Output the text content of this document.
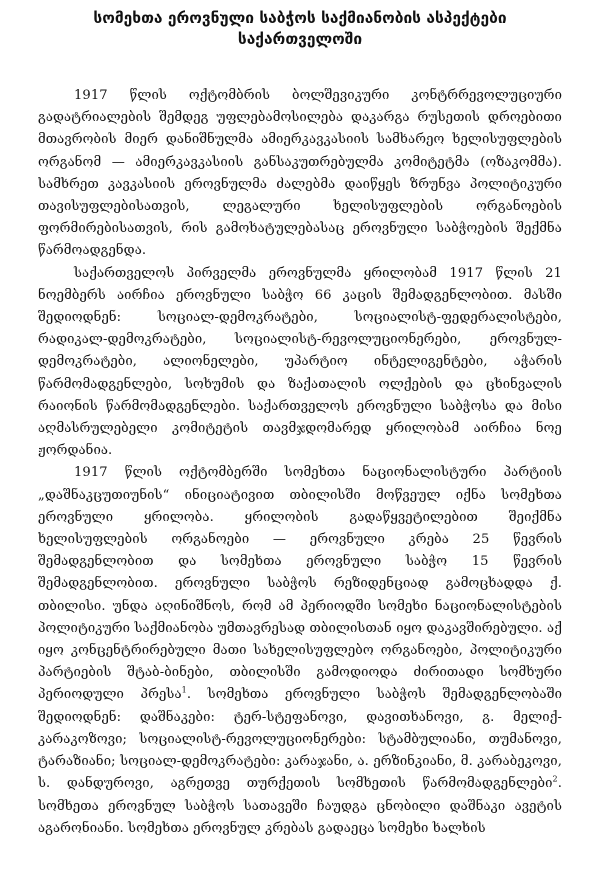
სომეხთა ეროვნული საბჭოს საქმიანობის ასპექტები
საქართველოში

1917 წლის ოქტომბრის ბოლშევიკური კონტრრევოლუციური გადატრიალების შემდეგ უფლებამოსილება დაკარგა რუსეთის დროებითი მთავრობის მიერ დანიშნულმა ამიერკავკასიის სამხარეო ხელისუფლების ორგანომ — ამიერკავკასიის განსაკუთრებულმა კომიტეტმა (ოზაკომმა). სამხრეთ კავკასიის ეროვნულმა ძალებმა დაიწყეს ზრუნვა პოლიტიკური თავისუფლებისათვის, ლეგალური ხელისუფლების ორგანოების ფორმირებისათვის, რის გამოხატულებასაც ეროვნული საბჭოების შექმნა წარმოადგენდა.

საქართველოს პირველმა ეროვნულმა ყრილობამ 1917 წლის 21 ნოემბერს აირჩია ეროვნული საბჭო 66 კაცის შემადგენლობით. მასში შედიოდნენ: სოციალ-დემოკრატები, სოციალისტ-ფედერალისტები, რადიკალ-დემოკრატები, სოციალისტ-რევოლუციონერები, ეროვნულ-დემოკრატები, ალიონელები, უპარტიო ინტელიგენტები, აჭარის წარმომადგენლები, სოხუმის და ზაქათალის ოლქების და ცხინვალის რაიონის წარმომადგენლები. საქართველოს ეროვნული საბჭოსა და მისი აღმასრულებელი კომიტეტის თავმჯდომარედ ყრილობამ აირჩია ნოე ჟორდანია.

1917 წლის ოქტომბერში სომეხთა ნაციონალისტური პარტიის „დაშნაკცუთიუნის“ ინიციატივით თბილისში მოწვეულ იქნა სომეხთა ეროვნული ყრილობა. ყრილობის გადაწყვეტილებით შეიქმნა ხელისუფლების ორგანოები — ეროვნული კრება 25 წევრის შემადგენლობით და სომეხთა ეროვნული საბჭო 15 წევრის შემადგენლობით. ეროვნული საბჭოს რეზიდენციად გამოცხადდა ქ. თბილისი. უნდა აღინიშნოს, რომ ამ პერიოდში სომეხი ნაციონალისტების პოლიტიკური საქმიანობა უმთავრესად თბილისთან იყო დაკავშირებული. აქ იყო კონცენტრირებული მათი სახელისუფლებო ორგანოები, პოლიტიკური პარტიების შტაბ-ბინები, თბილისში გამოდიოდა ძირითადი სომხური პერიოდული პრესა$^1$. სომეხთა ეროვნული საბჭოს შემადგენლობაში შედიოდნენ: დაშნაკები: ტერ-სტეფანოვი, დავითხანოვი, გ. მელიქ-კარაკოზოვი; სოციალისტ-რევოლუციონერები: სტამბულიანი, თუმანოვი, ტარაზიანი; სოციალ-დემოკრატები: კარაჯანი, ა. ერზინკიანი, მ. კარაბეკოვი, ს. დანდუროვი, აგრეთვე თურქეთის სომხეთის წარმომადგენლები$^2$. სომხეთა ეროვნულ საბჭოს სათავეში ჩაუდგა ცნობილი დაშნაკი ავეტის აგარონიანი. სომეხთა ეროვნულ კრებას გადაეცა სომეხი ხალხის
